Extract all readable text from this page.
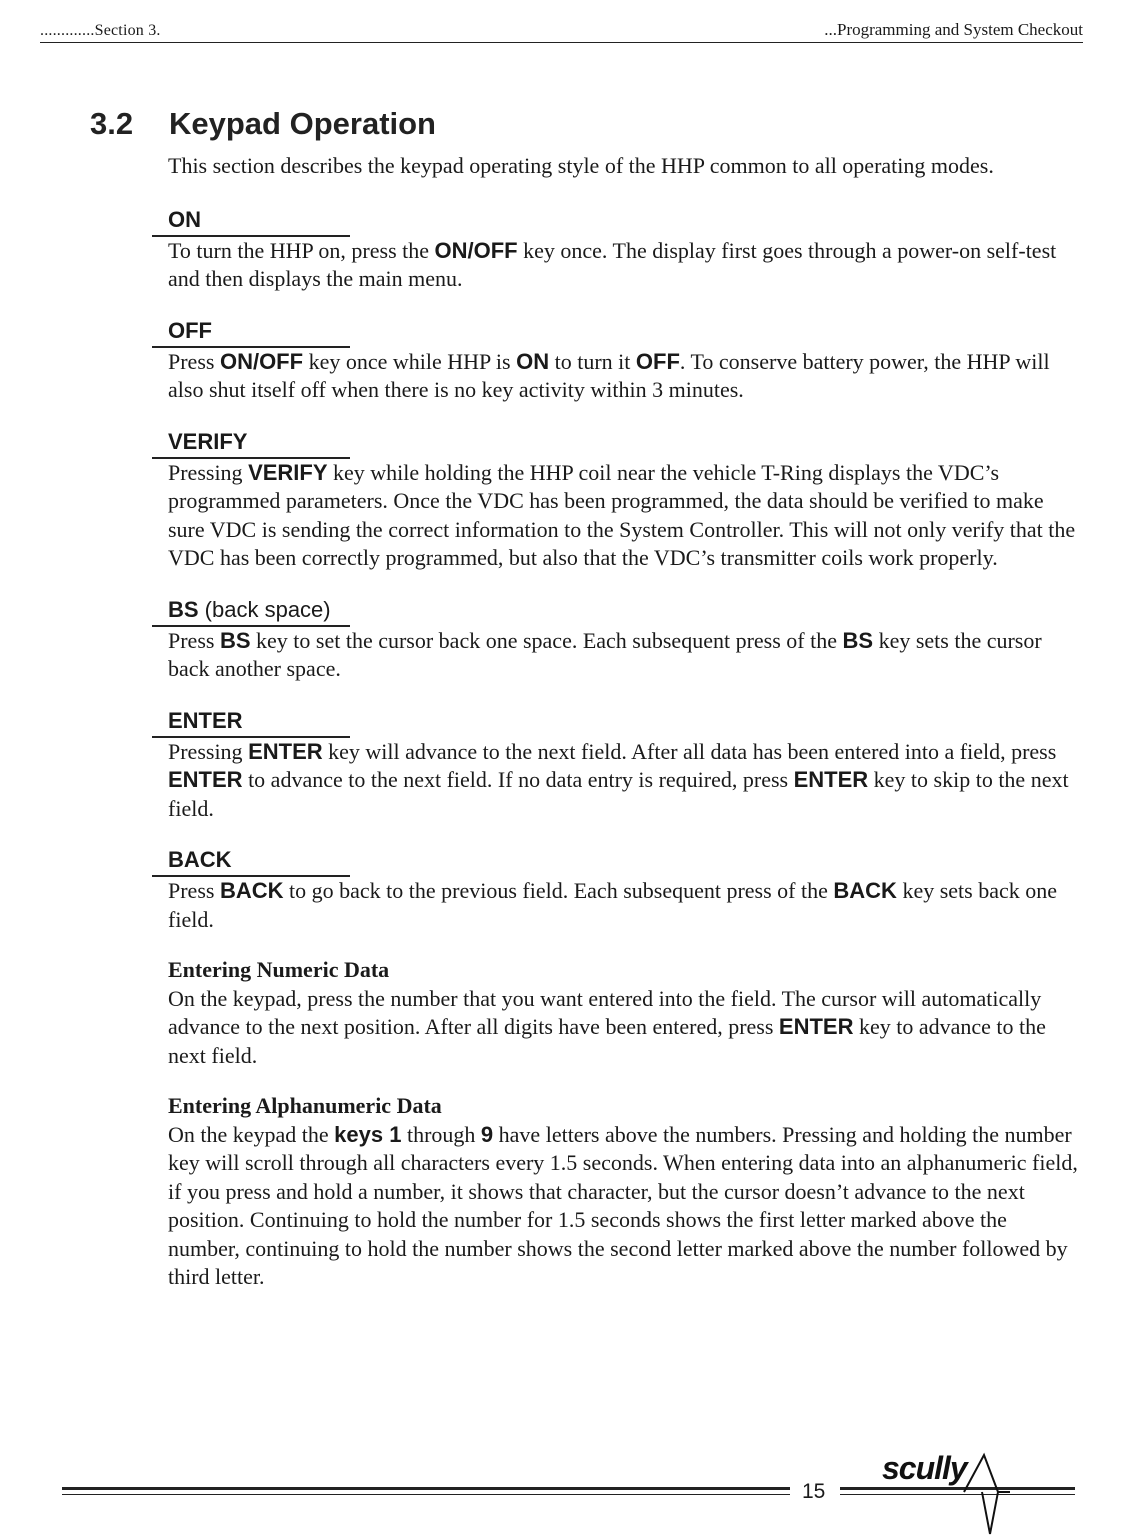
.............Section 3.	...Programming and System Checkout
3.2 Keypad Operation

This section describes the keypad operating style of the HHP common to all operating modes.

ON

To turn the HHP on, press the ON/OFF key once. The display first goes through a power-on self-test and then displays the main menu.

OFF

Press ON/OFF key once while HHP is ON to turn it OFF. To conserve battery power, the HHP will also shut itself off when there is no key activity within 3 minutes.

VERIFY

Pressing VERIFY key while holding the HHP coil near the vehicle T-Ring displays the VDC’s programmed parameters. Once the VDC has been programmed, the data should be verified to make sure VDC is sending the correct information to the System Controller. This will not only verify that the VDC has been correctly programmed, but also that the VDC’s transmitter coils work properly.

BS (back space)

Press BS key to set the cursor back one space. Each subsequent press of the BS key sets the cursor back another space.

ENTER

Pressing ENTER key will advance to the next field. After all data has been entered into a field, press ENTER to advance to the next field. If no data entry is required, press ENTER key to skip to the next field.

BACK

Press BACK to go back to the previous field. Each subsequent press of the BACK key sets back one field.

Entering Numeric Data

On the keypad, press the number that you want entered into the field. The cursor will automatically advance to the next position. After all digits have been entered, press ENTER key to advance to the next field.

Entering Alphanumeric Data

On the keypad the keys 1 through 9 have letters above the numbers. Pressing and holding the number key will scroll through all characters every 1.5 seconds. When entering data into an alphanumeric field, if you press and hold a number, it shows that character, but the cursor doesn’t advance to the next position. Continuing to hold the number for 1.5 seconds shows the first letter marked above the number, continuing to hold the number shows the second letter marked above the number followed by third letter.

15
scully
